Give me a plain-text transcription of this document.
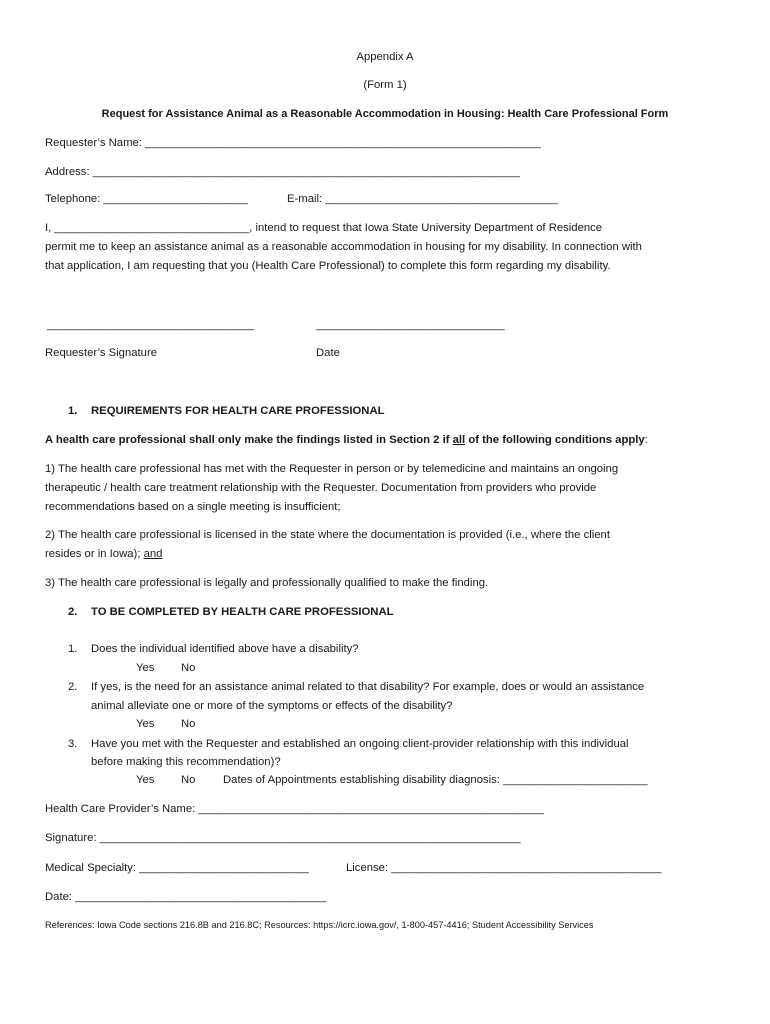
Appendix A
(Form 1)
Request for Assistance Animal as a Reasonable Accommodation in Housing: Health Care Professional Form
Requester’s Name: _______________________________________________________________
Address: ____________________________________________________________________
Telephone: _______________________	E-mail: _____________________________________
I, _______________________________, intend to request that Iowa State University Department of Residence
permit me to keep an assistance animal as a reasonable accommodation in housing for my disability. In connection with
that application, I am requesting that you (Health Care Professional) to complete this form regarding my disability.
_________________________________	______________________________
Requester’s Signature	Date
1. REQUIREMENTS FOR HEALTH CARE PROFESSIONAL
A health care professional shall only make the findings listed in Section 2 if all of the following conditions apply:
1) The health care professional has met with the Requester in person or by telemedicine and maintains an ongoing
therapeutic / health care treatment relationship with the Requester. Documentation from providers who provide
recommendations based on a single meeting is insufficient;
2) The health care professional is licensed in the state where the documentation is provided (i.e., where the client
resides or in Iowa); and
3) The health care professional is legally and professionally qualified to make the finding.
2. TO BE COMPLETED BY HEALTH CARE PROFESSIONAL
1. Does the individual identified above have a disability?
Yes No
2. If yes, is the need for an assistance animal related to that disability? For example, does or would an assistance
animal alleviate one or more of the symptoms or effects of the disability?
Yes No
3. Have you met with the Requester and established an ongoing client-provider relationship with this individual
before making this recommendation)?
Yes No Dates of Appointments establishing disability diagnosis: _______________________
Health Care Provider’s Name: _______________________________________________________
Signature: ___________________________________________________________________
Medical Specialty: ___________________________	License: ___________________________________________
Date: ________________________________________
References: Iowa Code sections 216.8B and 216.8C; Resources: https://icrc.iowa.gov/, 1-800-457-4416; Student Accessibility Services
